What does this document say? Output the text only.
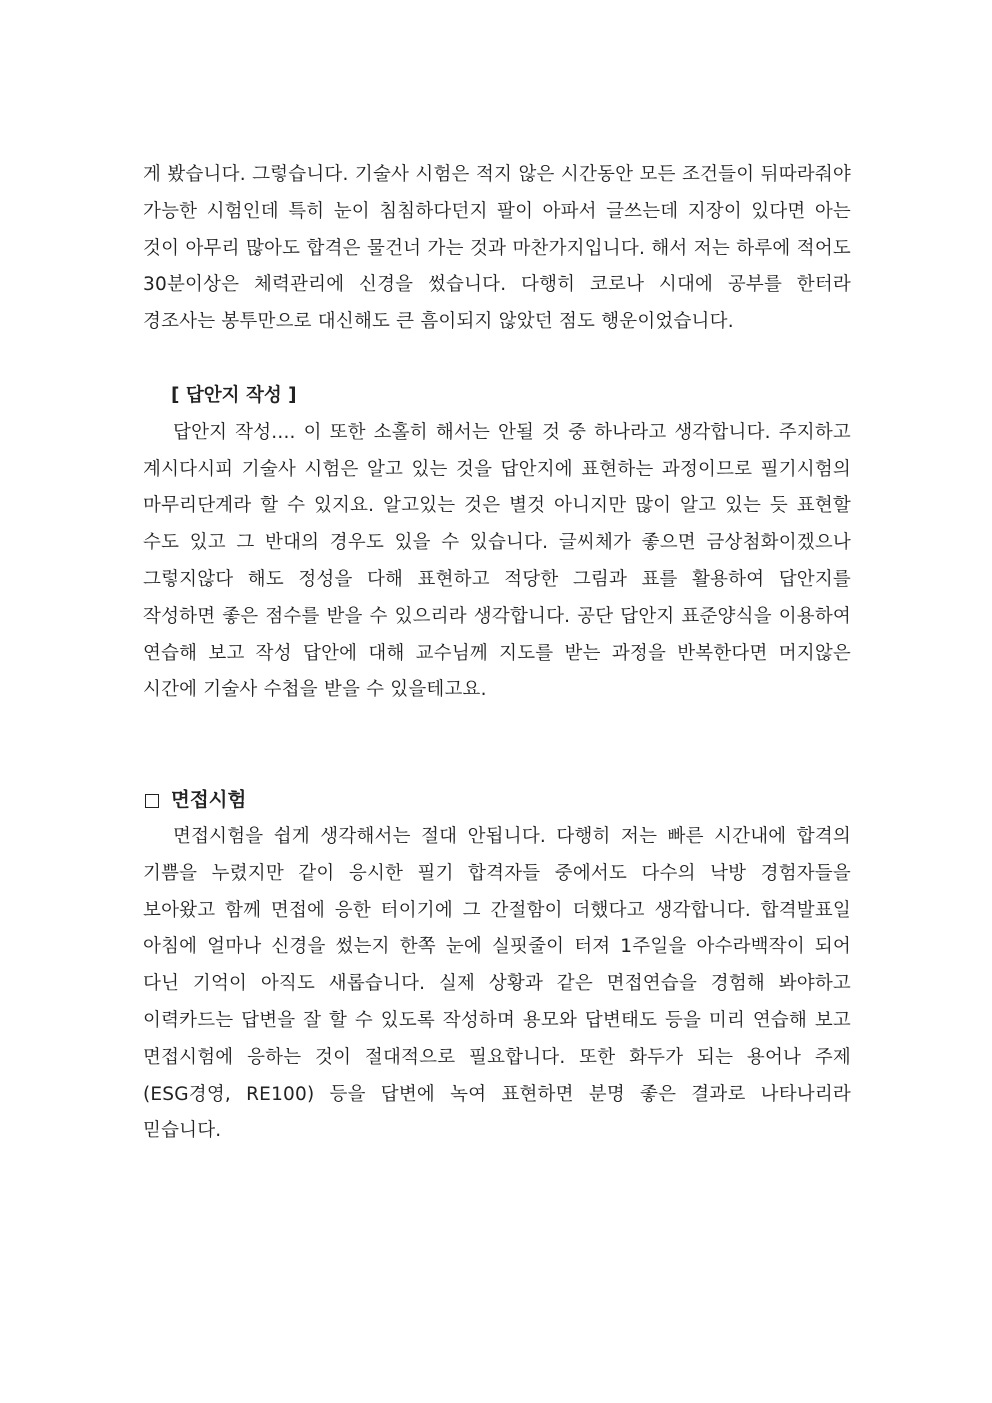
게 봤습니다. 그렇습니다. 기술사 시험은 적지 않은 시간동안 모든 조건들이 뒤따라줘야 가능한 시험인데 특히 눈이 침침하다던지 팔이 아파서 글쓰는데 지장이 있다면 아는 것이 아무리 많아도 합격은 물건너 가는 것과 마찬가지입니다. 해서 저는 하루에 적어도 30분이상은 체력관리에 신경을 썼습니다. 다행히 코로나 시대에 공부를 한터라 경조사는 봉투만으로 대신해도 큰 흠이되지 않았던 점도 행운이었습니다.

[ 답안지 작성 ]

답안지 작성.... 이 또한 소홀히 해서는 안될 것 중 하나라고 생각합니다. 주지하고 계시다시피 기술사 시험은 알고 있는 것을 답안지에 표현하는 과정이므로 필기시험의 마무리단계라 할 수 있지요. 알고있는 것은 별것 아니지만 많이 알고 있는 듯 표현할 수도 있고 그 반대의 경우도 있을 수 있습니다. 글씨체가 좋으면 금상첨화이겠으나 그렇지않다 해도 정성을 다해 표현하고 적당한 그림과 표를 활용하여 답안지를 작성하면 좋은 점수를 받을 수 있으리라 생각합니다. 공단 답안지 표준양식을 이용하여 연습해 보고 작성 답안에 대해 교수님께 지도를 받는 과정을 반복한다면 머지않은 시간에 기술사 수첩을 받을 수 있을테고요.

면접시험

면접시험을 쉽게 생각해서는 절대 안됩니다. 다행히 저는 빠른 시간내에 합격의 기쁨을 누렸지만 같이 응시한 필기 합격자들 중에서도 다수의 낙방 경험자들을 보아왔고 함께 면접에 응한 터이기에 그 간절함이 더했다고 생각합니다. 합격발표일 아침에 얼마나 신경을 썼는지 한쪽 눈에 실핏줄이 터져 1주일을 아수라백작이 되어 다닌 기억이 아직도 새롭습니다. 실제 상황과 같은 면접연습을 경험해 봐야하고 이력카드는 답변을 잘 할 수 있도록 작성하며 용모와 답변태도 등을 미리 연습해 보고 면접시험에 응하는 것이 절대적으로 필요합니다. 또한 화두가 되는 용어나 주제(ESG경영, RE100) 등을 답변에 녹여 표현하면 분명 좋은 결과로 나타나리라 믿습니다.
